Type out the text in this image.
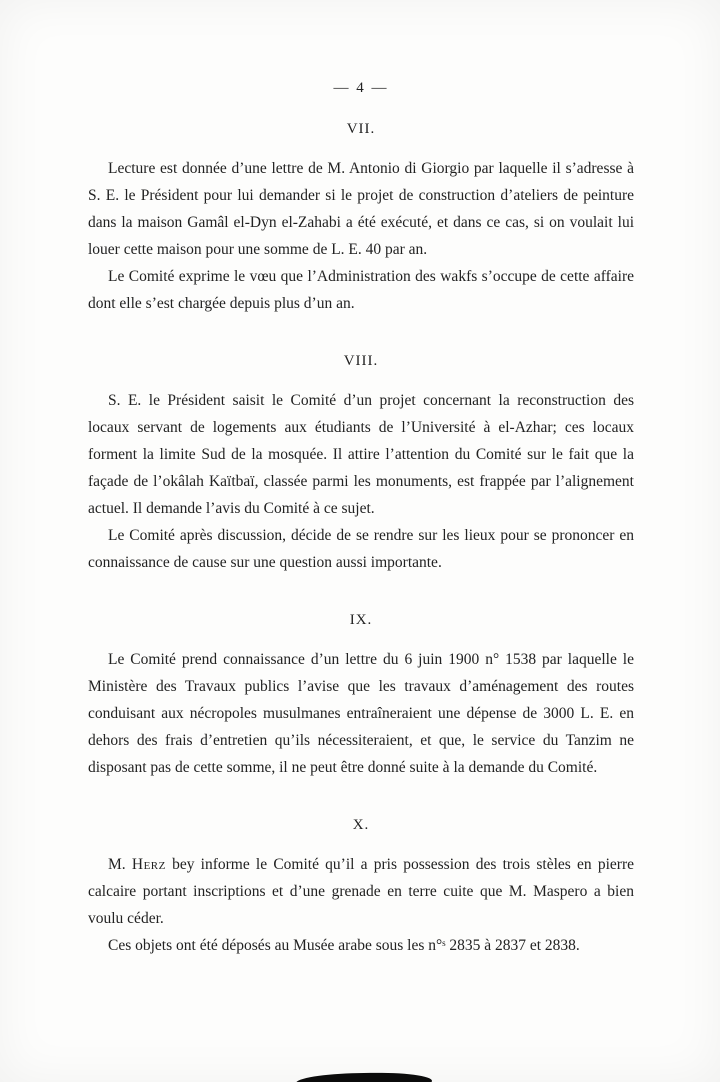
— 4 —
VII.

Lecture est donnée d’une lettre de M. Antonio di Giorgio par laquelle il s’adresse à S. E. le Président pour lui demander si le projet de construction d’ateliers de peinture dans la maison Gamâl el-Dyn el-Zahabi a été exécuté, et dans ce cas, si on voulait lui louer cette maison pour une somme de L. E. 40 par an.

Le Comité exprime le vœu que l’Administration des wakfs s’occupe de cette affaire dont elle s’est chargée depuis plus d’un an.

VIII.

S. E. le Président saisit le Comité d’un projet concernant la reconstruction des locaux servant de logements aux étudiants de l’Université à el-Azhar; ces locaux forment la limite Sud de la mosquée. Il attire l’attention du Comité sur le fait que la façade de l’okâlah Kaïtbaï, classée parmi les monuments, est frappée par l’alignement actuel. Il demande l’avis du Comité à ce sujet.

Le Comité après discussion, décide de se rendre sur les lieux pour se prononcer en connaissance de cause sur une question aussi importante.

IX.

Le Comité prend connaissance d’un lettre du 6 juin 1900 n° 1538 par laquelle le Ministère des Travaux publics l’avise que les travaux d’aménagement des routes conduisant aux nécropoles musulmanes entraîneraient une dépense de 3000 L. E. en dehors des frais d’entretien qu’ils nécessiteraient, et que, le service du Tanzim ne disposant pas de cette somme, il ne peut être donné suite à la demande du Comité.

X.

M. Herz bey informe le Comité qu’il a pris possession des trois stèles en pierre calcaire portant inscriptions et d’une grenade en terre cuite que M. Maspero a bien voulu céder.

Ces objets ont été déposés au Musée arabe sous les n°ˢ 2835 à 2837 et 2838.
